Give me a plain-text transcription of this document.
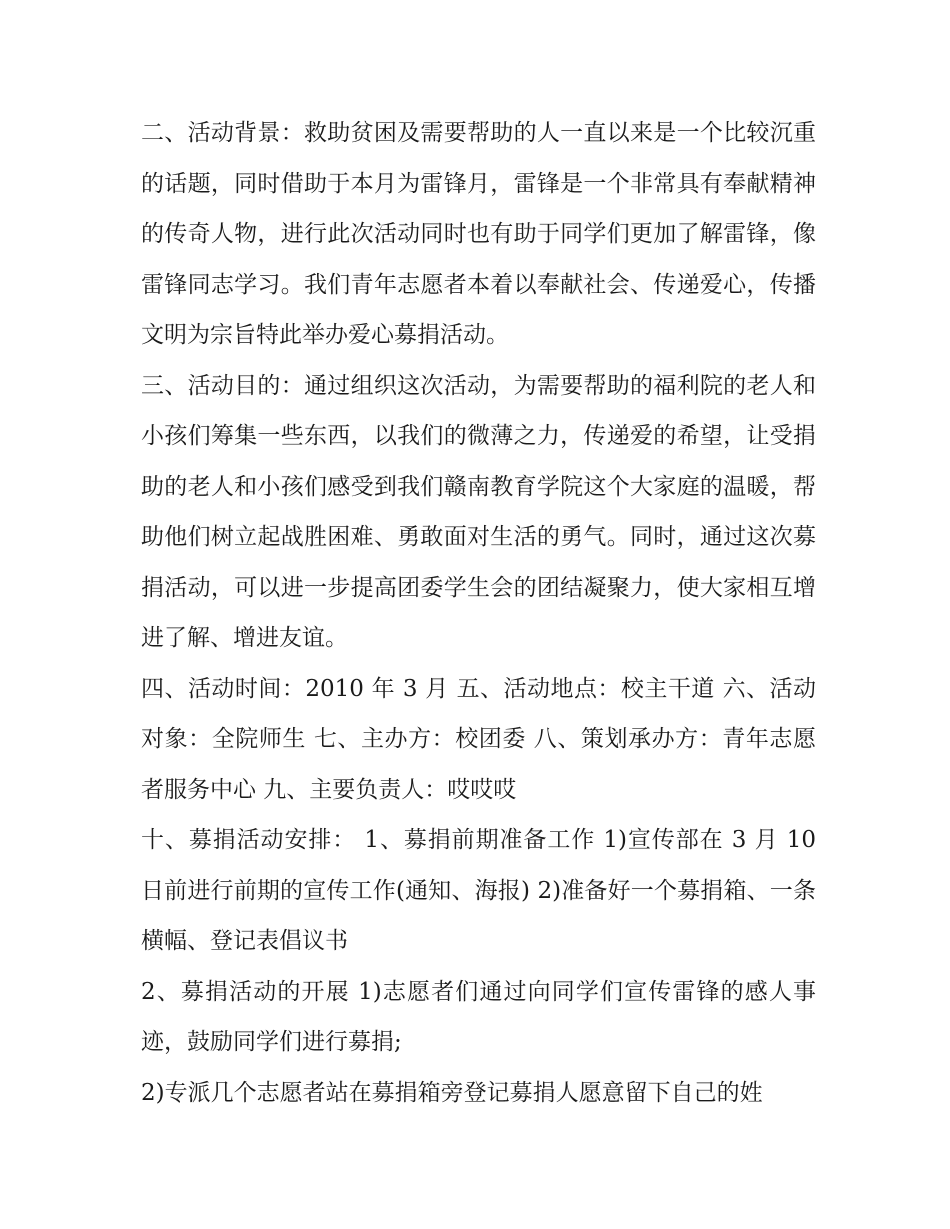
二、活动背景：救助贫困及需要帮助的人一直以来是一个比较沉重的话题，同时借助于本月为雷锋月，雷锋是一个非常具有奉献精神的传奇人物，进行此次活动同时也有助于同学们更加了解雷锋，像雷锋同志学习。我们青年志愿者本着以奉献社会、传递爱心，传播文明为宗旨特此举办爱心募捐活动。

三、活动目的：通过组织这次活动，为需要帮助的福利院的老人和小孩们筹集一些东西，以我们的微薄之力，传递爱的希望，让受捐助的老人和小孩们感受到我们赣南教育学院这个大家庭的温暖，帮助他们树立起战胜困难、勇敢面对生活的勇气。同时，通过这次募捐活动，可以进一步提高团委学生会的团结凝聚力，使大家相互增进了解、增进友谊。

四、活动时间：2010 年 3 月 五、活动地点：校主干道 六、活动对象：全院师生 七、主办方：校团委 八、策划承办方：青年志愿者服务中心 九、主要负责人：哎哎哎

十、募捐活动安排： 1、募捐前期准备工作 1)宣传部在 3 月 10 日前进行前期的宣传工作(通知、海报) 2)准备好一个募捐箱、一条横幅、登记表倡议书

2、募捐活动的开展 1)志愿者们通过向同学们宣传雷锋的感人事迹，鼓励同学们进行募捐;

2)专派几个志愿者站在募捐箱旁登记募捐人愿意留下自己的姓
